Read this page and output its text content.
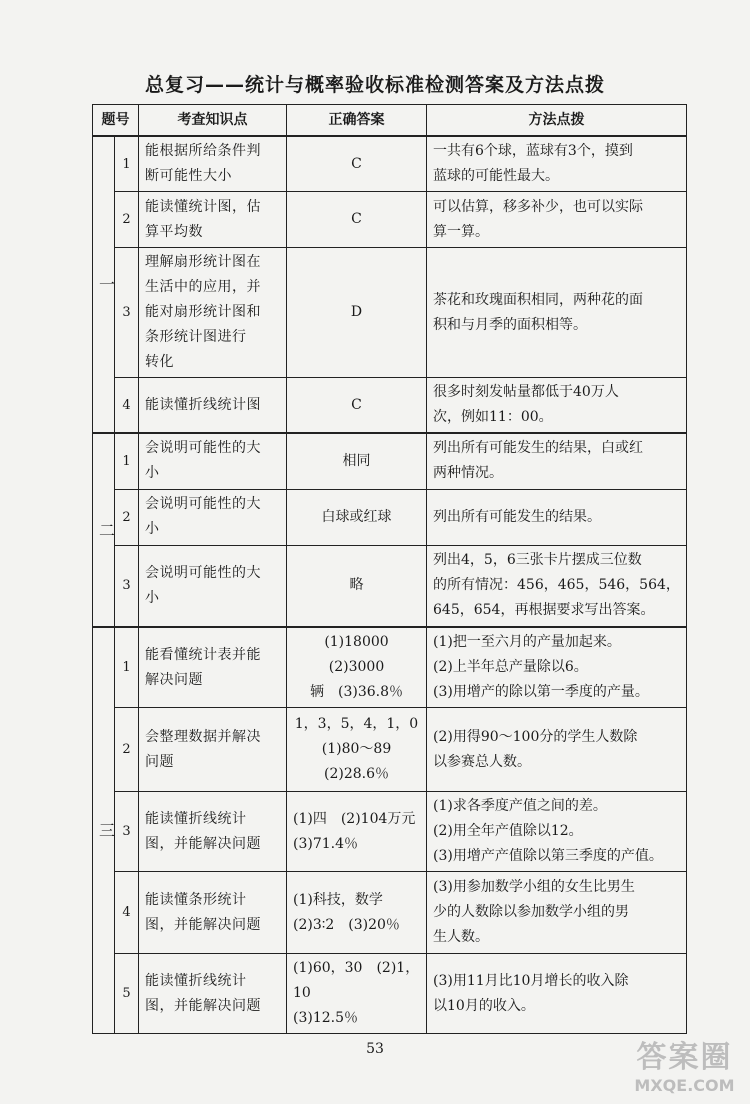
总复习——统计与概率验收标准检测答案及方法点拨
题号		考查知识点	正确答案	方法点拨
一	1	能根据所给条件判
断可能性大小	C	一共有6个球，蓝球有3个，摸到
蓝球的可能性最大。

	2	能读懂统计图，估
算平均数	C	可以估算，移多补少，也可以实际
算一算。

	3	理解扇形统计图在
生活中的应用，并
能对扇形统计图和
条形统计图进行
转化	D	茶花和玫瑰面积相同，两种花的面
积和与月季的面积相等。

	4	能读懂折线统计图	C	很多时刻发帖量都低于40万人
次，例如11：00。

二	1	会说明可能性的大
小	相同	列出所有可能发生的结果，白或红
两种情况。

	2	会说明可能性的大
小	白球或红球	列出所有可能发生的结果。

	3	会说明可能性的大
小	略	列出4，5，6三张卡片摆成三位数
的所有情况：456，465，546，564，
645，654，再根据要求写出答案。

三	1	能看懂统计表并能
解决问题	(1)18000　(2)3000
辆　(3)36.8％	(1)把一至六月的产量加起来。
(2)上半年总产量除以6。
(3)用增产的除以第一季度的产量。

	2	会整理数据并解决
问题	1，3，5，4，1，0
(1)80～89
(2)28.6％	(2)用得90～100分的学生人数除
以参赛总人数。

	3	能读懂折线统计
图，并能解决问题	(1)四　(2)104万元
(3)71.4％	(1)求各季度产值之间的差。
(2)用全年产值除以12。
(3)用增产产值除以第三季度的产值。

	4	能读懂条形统计
图，并能解决问题	(1)科技，数学
(2)3∶2　(3)20％	(3)用参加数学小组的女生比男生
少的人数除以参加数学小组的男
生人数。

	5	能读懂折线统计
图，并能解决问题	(1)60，30　(2)1，10
(3)12.5％	(3)用11月比10月增长的收入除
以10月的收入。
53	答案圈
MXQE.COM
